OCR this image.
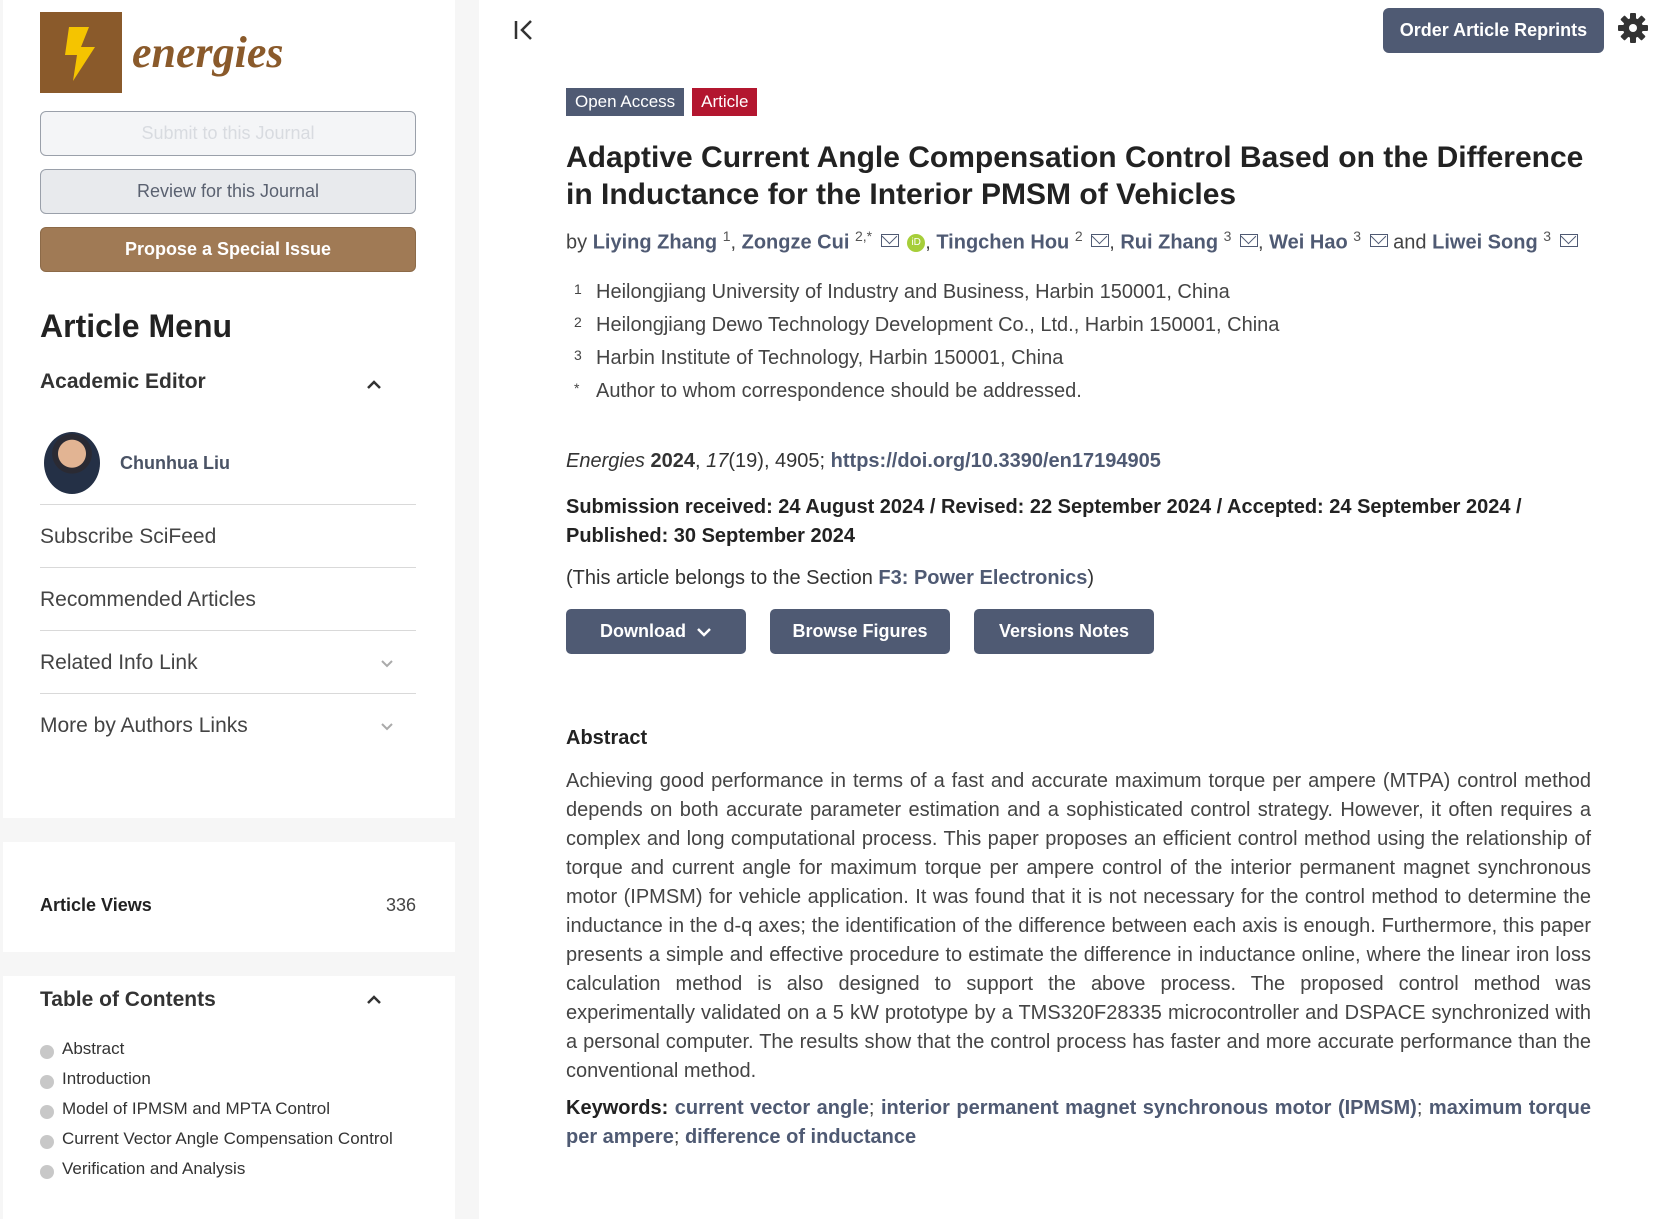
energies
Submit to this Journal
Review for this Journal
Propose a Special Issue
Article Menu
Academic Editor
Chunhua Liu
Subscribe SciFeed
Recommended Articles
Related Info Link
More by Authors Links
Article Views	336
Table of Contents
Abstract
Introduction
Model of IPMSM and MPTA Control
Current Vector Angle Compensation Control
Verification and Analysis
Order Article Reprints
Open Access	Article
Adaptive Current Angle Compensation Control Based on the Difference in Inductance for the Interior PMSM of Vehicles
by Liying Zhang $^1$, Zongze Cui $^{2,*}$	iD , Tingchen Hou $^2$ , Rui Zhang $^3$ , Wei Hao $^3$ and Liwei Song $^3$
1 Heilongjiang University of Industry and Business, Harbin 150001, China
2 Heilongjiang Dewo Technology Development Co., Ltd., Harbin 150001, China
3 Harbin Institute of Technology, Harbin 150001, China
* Author to whom correspondence should be addressed.
Energies 2024, 17(19), 4905; https://doi.org/10.3390/en17194905
Submission received: 24 August 2024 / Revised: 22 September 2024 / Accepted: 24 September 2024 / Published: 30 September 2024
(This article belongs to the Section F3: Power Electronics)
Download	Browse Figures	Versions Notes
Abstract

Achieving good performance in terms of a fast and accurate maximum torque per ampere (MTPA) control method depends on both accurate parameter estimation and a sophisticated control strategy. However, it often requires a complex and long computational process. This paper proposes an efficient control method using the relationship of torque and current angle for maximum torque per ampere control of the interior permanent magnet synchronous motor (IPMSM) for vehicle application. It was found that it is not necessary for the control method to determine the inductance in the d-q axes; the identification of the difference between each axis is enough. Furthermore, this paper presents a simple and effective procedure to estimate the difference in inductance online, where the linear iron loss calculation method is also designed to support the above process. The proposed control method was experimentally validated on a 5 kW prototype by a TMS320F28335 microcontroller and DSPACE synchronized with a personal computer. The results show that the control process has faster and more accurate performance than the conventional method.

Keywords: current vector angle; interior permanent magnet synchronous motor (IPMSM); maximum torque per ampere; difference of inductance
